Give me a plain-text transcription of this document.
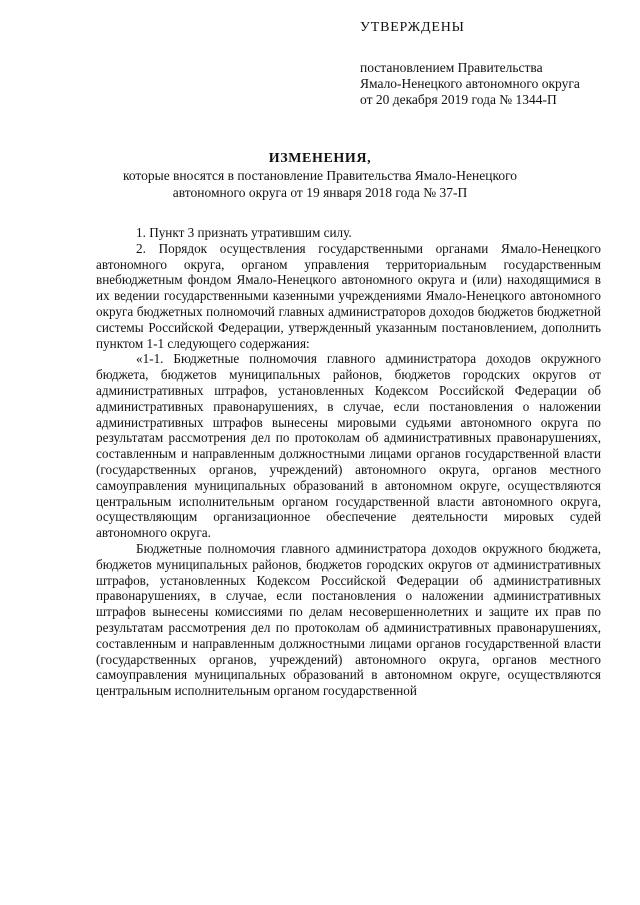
УТВЕРЖДЕНЫ
постановлением Правительства
Ямало-Ненецкого автономного округа
от 20 декабря 2019 года № 1344-П
ИЗМЕНЕНИЯ,
которые вносятся в постановление Правительства Ямало-Ненецкого
автономного округа от 19 января 2018 года № 37-П

1. Пункт 3 признать утратившим силу.

2. Порядок осуществления государственными органами Ямало-Ненецкого автономного округа, органом управления территориальным государственным внебюджетным фондом Ямало-Ненецкого автономного округа и (или) находящимися в их ведении государственными казенными учреждениями Ямало-Ненецкого автономного округа бюджетных полномочий главных администраторов доходов бюджетов бюджетной системы Российской Федерации, утвержденный указанным постановлением, дополнить пунктом 1-1 следующего содержания:

«1-1. Бюджетные полномочия главного администратора доходов окружного бюджета, бюджетов муниципальных районов, бюджетов городских округов от административных штрафов, установленных Кодексом Российской Федерации об административных правонарушениях, в случае, если постановления о наложении административных штрафов вынесены мировыми судьями автономного округа по результатам рассмотрения дел по протоколам об административных правонарушениях, составленным и направленным должностными лицами органов государственной власти (государственных органов, учреждений) автономного округа, органов местного самоуправления муниципальных образований в автономном округе, осуществляются центральным исполнительным органом государственной власти автономного округа, осуществляющим организационное обеспечение деятельности мировых судей автономного округа.

Бюджетные полномочия главного администратора доходов окружного бюджета, бюджетов муниципальных районов, бюджетов городских округов от административных штрафов, установленных Кодексом Российской Федерации об административных правонарушениях, в случае, если постановления о наложении административных штрафов вынесены комиссиями по делам несовершеннолетних и защите их прав по результатам рассмотрения дел по протоколам об административных правонарушениях, составленным и направленным должностными лицами органов государственной власти (государственных органов, учреждений) автономного округа, органов местного самоуправления муниципальных образований в автономном округе, осуществляются центральным исполнительным органом государственной
